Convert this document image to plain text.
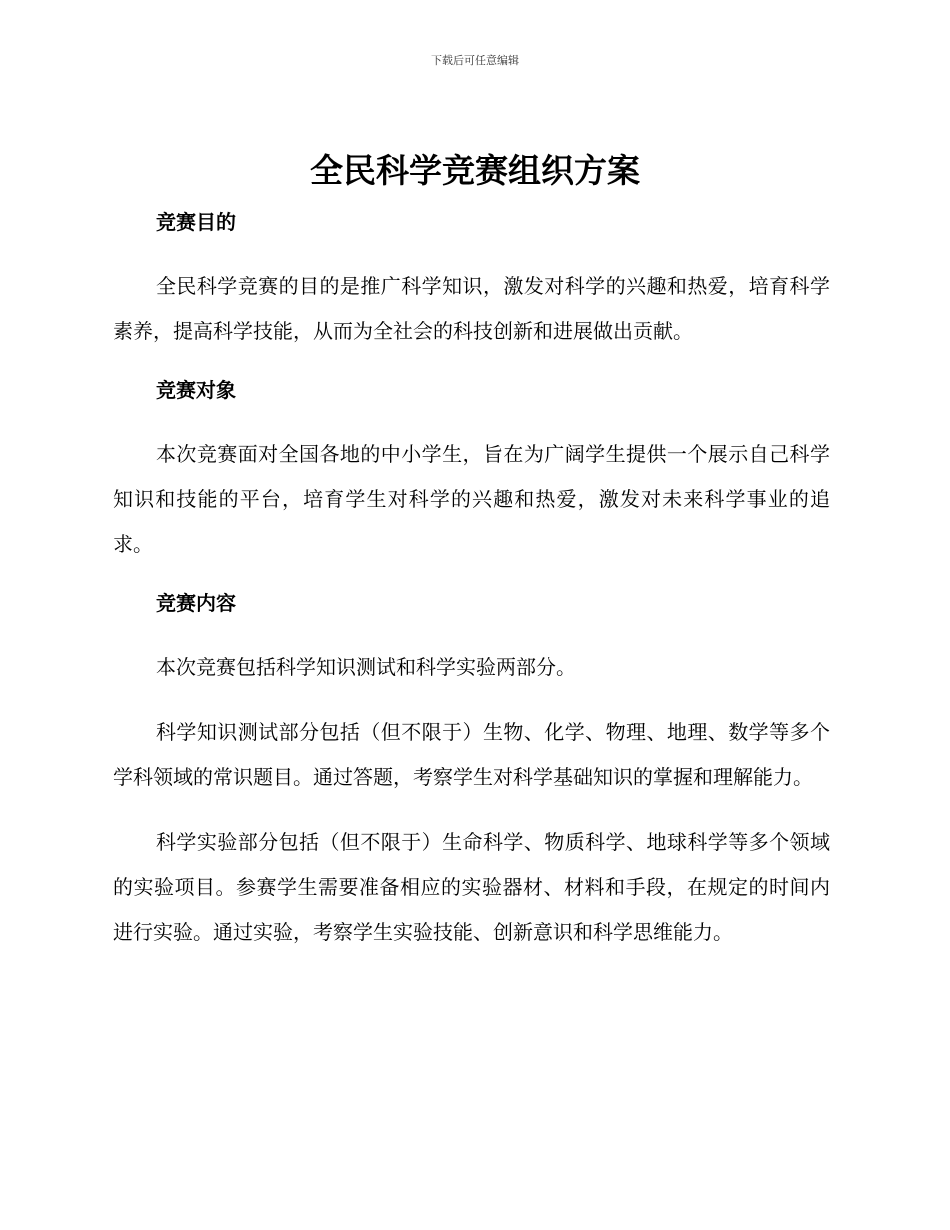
下载后可任意编辑
全民科学竞赛组织方案
竞赛目的

全民科学竞赛的目的是推广科学知识，激发对科学的兴趣和热爱，培育科学素养，提高科学技能，从而为全社会的科技创新和进展做出贡献。

竞赛对象

本次竞赛面对全国各地的中小学生，旨在为广阔学生提供一个展示自己科学知识和技能的平台，培育学生对科学的兴趣和热爱，激发对未来科学事业的追求。

竞赛内容

本次竞赛包括科学知识测试和科学实验两部分。

科学知识测试部分包括（但不限于）生物、化学、物理、地理、数学等多个学科领域的常识题目。通过答题，考察学生对科学基础知识的掌握和理解能力。

科学实验部分包括（但不限于）生命科学、物质科学、地球科学等多个领域的实验项目。参赛学生需要准备相应的实验器材、材料和手段，在规定的时间内进行实验。通过实验，考察学生实验技能、创新意识和科学思维能力。
